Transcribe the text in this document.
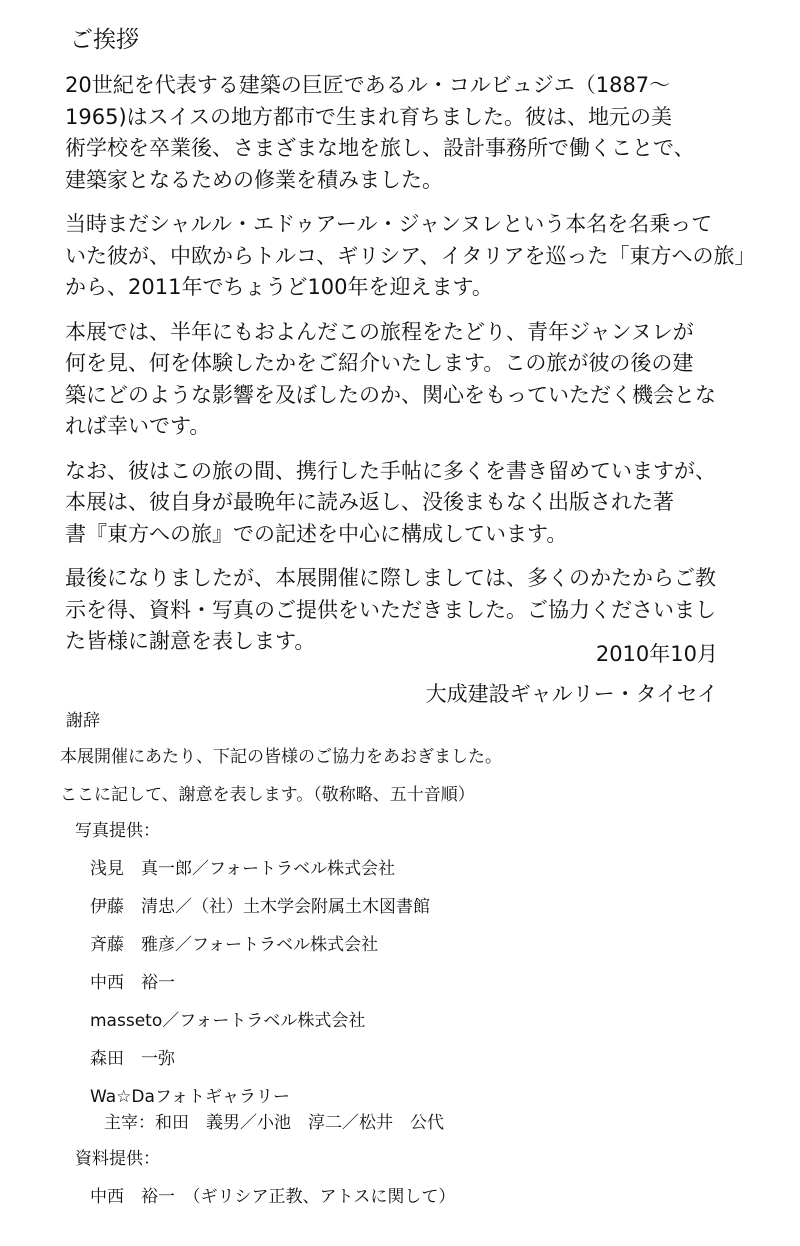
ご挨拶

20世紀を代表する建築の巨匠であるル・コルビュジエ（1887〜
1965)はスイスの地方都市で生まれ育ちました。彼は、地元の美
術学校を卒業後、さまざまな地を旅し、設計事務所で働くことで、
建築家となるための修業を積みました。

当時まだシャルル・エドゥアール・ジャンヌレという本名を名乗って
いた彼が、中欧からトルコ、ギリシア、イタリアを巡った「東方への旅」
から、2011年でちょうど100年を迎えます。

本展では、半年にもおよんだこの旅程をたどり、青年ジャンヌレが
何を見、何を体験したかをご紹介いたします。この旅が彼の後の建
築にどのような影響を及ぼしたのか、関心をもっていただく機会とな
れば幸いです。

なお、彼はこの旅の間、携行した手帖に多くを書き留めていますが、
本展は、彼自身が最晩年に読み返し、没後まもなく出版された著
書『東方への旅』での記述を中心に構成しています。

最後になりましたが、本展開催に際しましては、多くのかたからご教
示を得、資料・写真のご提供をいただきました。ご協力くださいまし
た皆様に謝意を表します。

2010年10月
大成建設ギャルリー・タイセイ
謝辞
本展開催にあたり、下記の皆様のご協力をあおぎました。
ここに記して、謝意を表します。（敬称略、五十音順）
写真提供：
浅見　真一郎／フォートラベル株式会社
伊藤　清忠／（社）土木学会附属土木図書館
斉藤　雅彦／フォートラベル株式会社
中西　裕一
masseto／フォートラベル株式会社
森田　一弥
Wa☆Daフォトギャラリー
主宰：和田　義男／小池　淳二／松井　公代
資料提供：
中西　裕一　（ギリシア正教、アトスに関して）
